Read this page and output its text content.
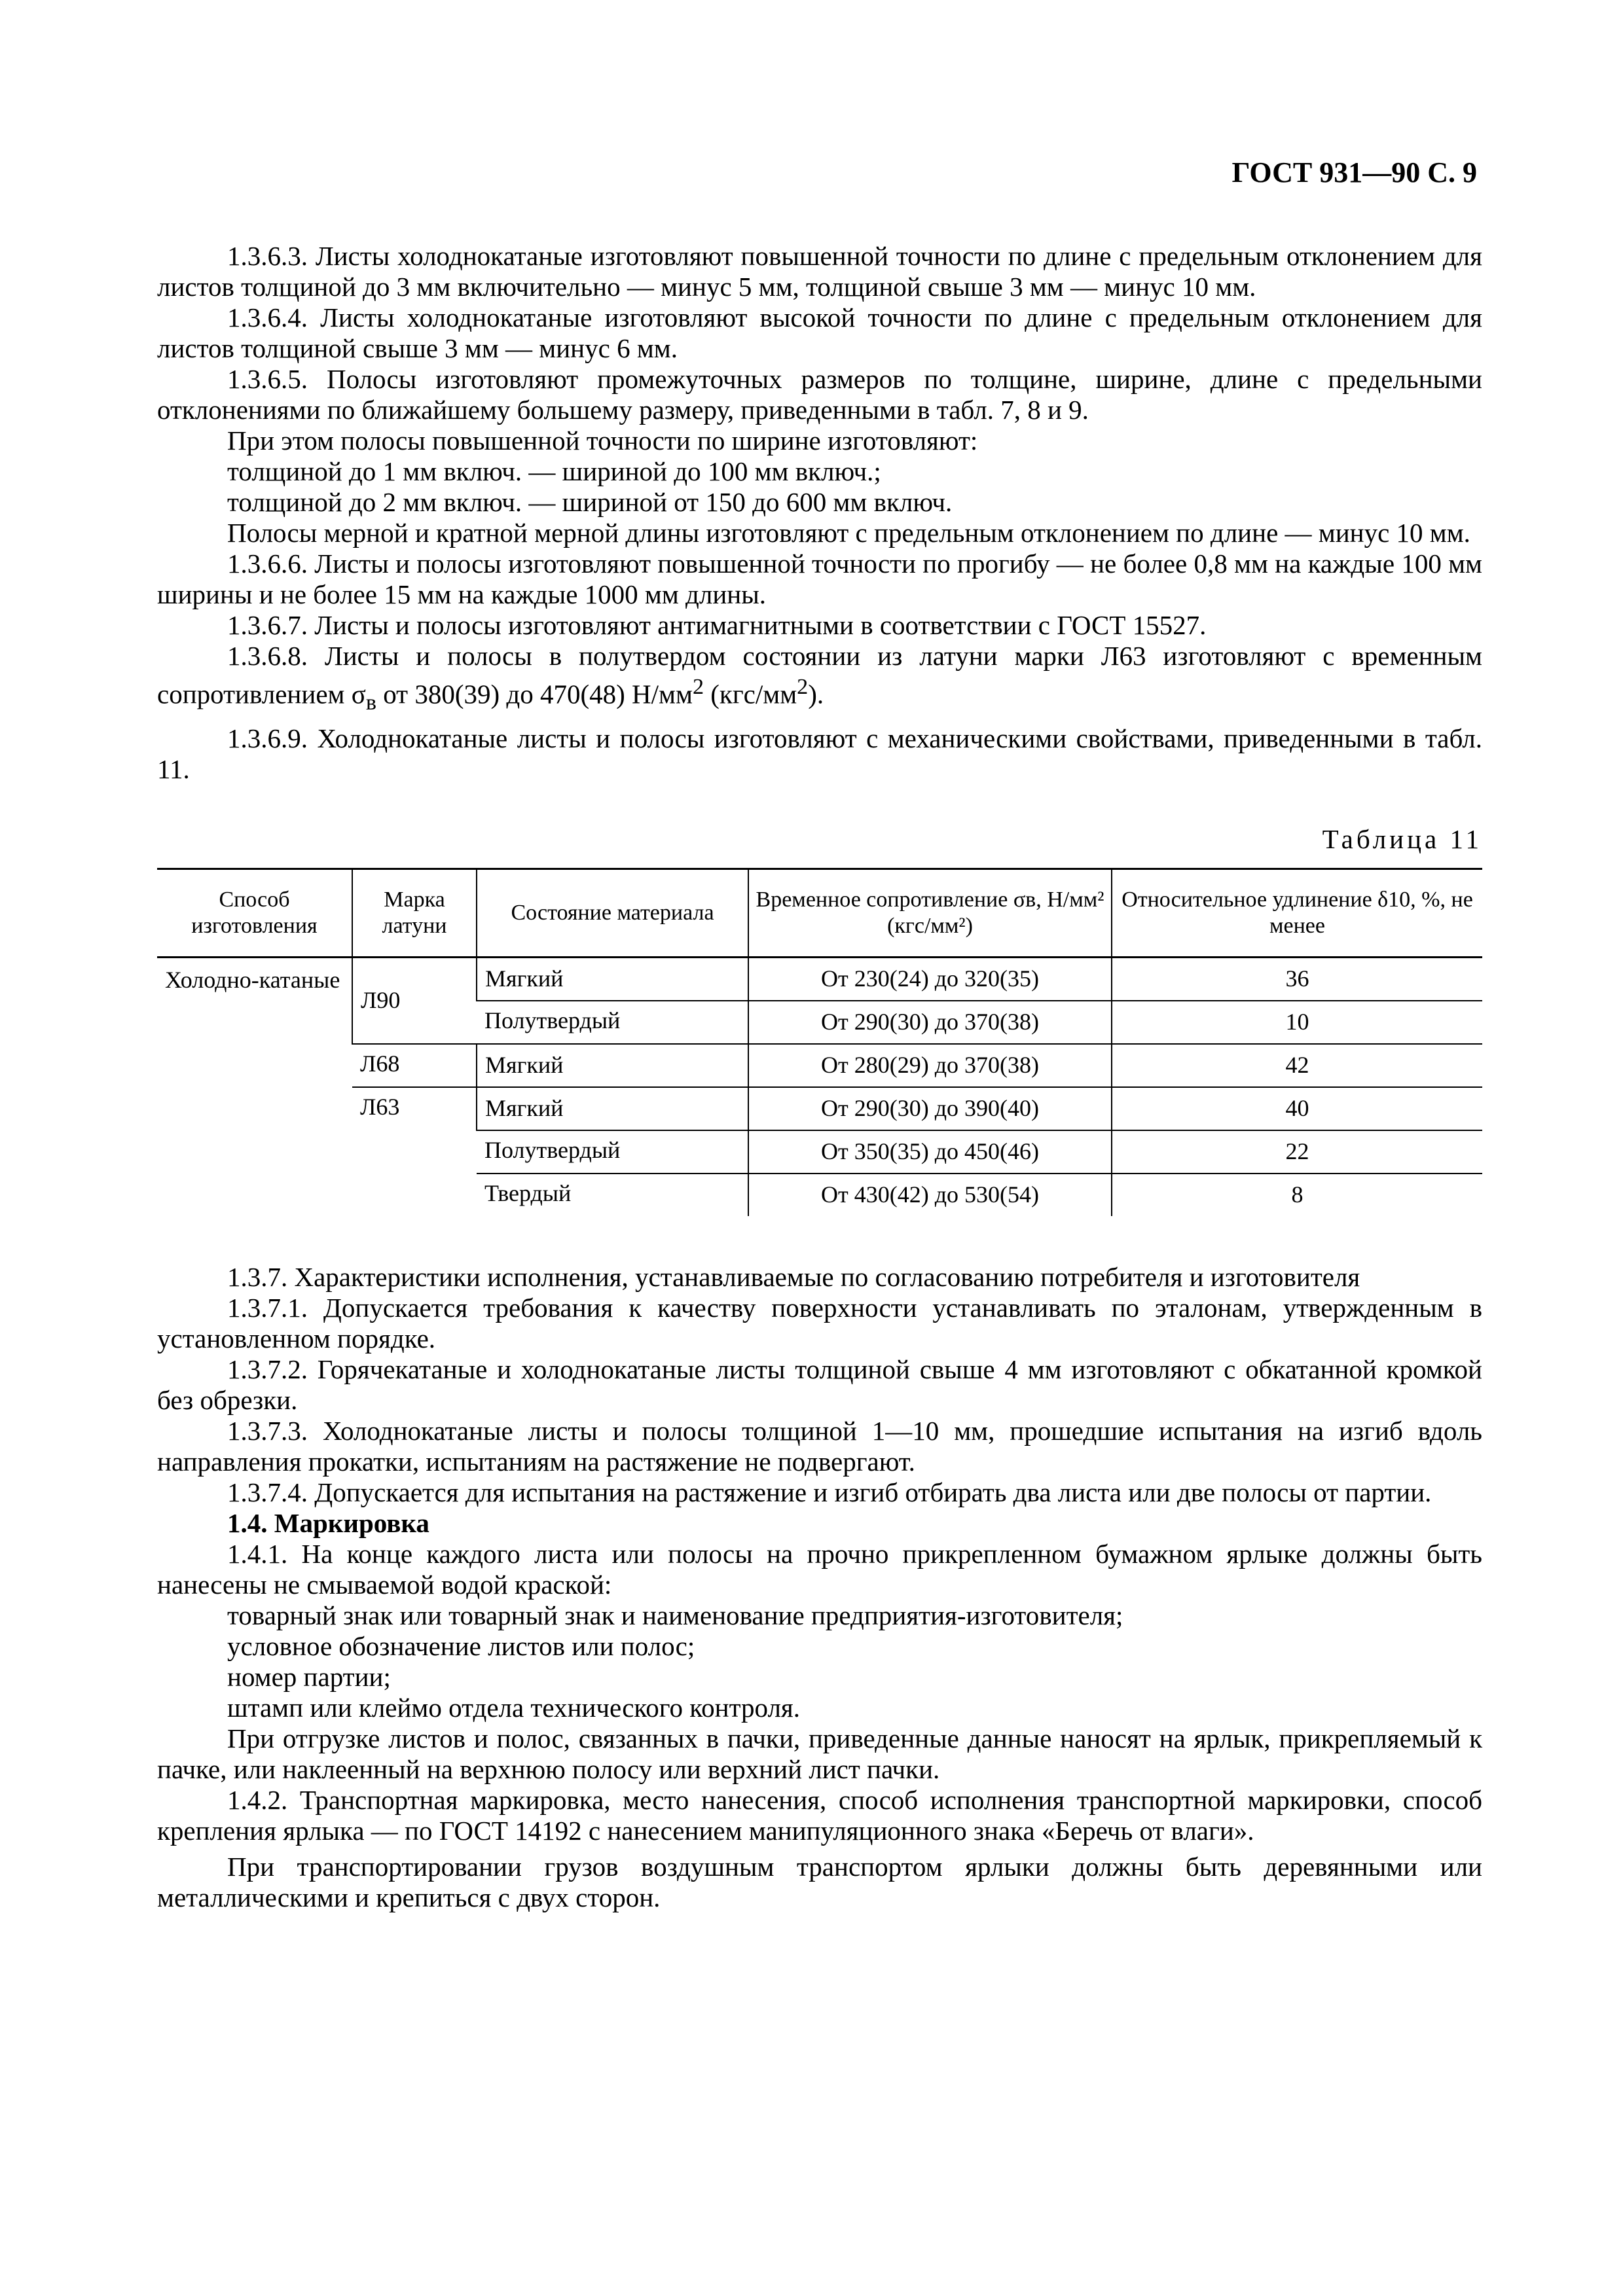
ГОСТ 931—90 С. 9

1.3.6.3. Листы холоднокатаные изготовляют повышенной точности по длине с предельным отклонением для листов толщиной до 3 мм включительно — минус 5 мм, толщиной свыше 3 мм — минус 10 мм.

1.3.6.4. Листы холоднокатаные изготовляют высокой точности по длине с предельным отклонением для листов толщиной свыше 3 мм — минус 6 мм.

1.3.6.5. Полосы изготовляют промежуточных размеров по толщине, ширине, длине с предельными отклонениями по ближайшему большему размеру, приведенными в табл. 7, 8 и 9.

При этом полосы повышенной точности по ширине изготовляют:

толщиной до 1 мм включ. — шириной до 100 мм включ.;

толщиной до 2 мм включ. — шириной от 150 до 600 мм включ.

Полосы мерной и кратной мерной длины изготовляют с предельным отклонением по длине — минус 10 мм.

1.3.6.6. Листы и полосы изготовляют повышенной точности по прогибу — не более 0,8 мм на каждые 100 мм ширины и не более 15 мм на каждые 1000 мм длины.

1.3.6.7. Листы и полосы изготовляют антимагнитными в соответствии с ГОСТ 15527.

1.3.6.8. Листы и полосы в полутвердом состоянии из латуни марки Л63 изготовляют с временным сопротивлением $\sigma_в$ от 380(39) до 470(48) $Н/мм^2$ $(кгс/мм^2)$.

1.3.6.9. Холоднокатаные листы и полосы изготовляют с механическими свойствами, приведенными в табл. 11.

Таблица 11
Способ изготовления	Марка латуни	Состояние материала	Временное сопротивление σв, Н/мм² (кгс/мм²)	Относительное удлинение δ10, %, не менее
Холодно-катаные	Л90	Мягкий	От 230(24) до 320(35)	36
		Полутвердый	От 290(30) до 370(38)	10
	Л68	Мягкий	От 280(29) до 370(38)	42
	Л63	Мягкий	От 290(30) до 390(40)	40
		Полутвердый	От 350(35) до 450(46)	22
		Твердый	От 430(42) до 530(54)	8

1.3.7. Характеристики исполнения, устанавливаемые по согласованию потребителя и изготовителя

1.3.7.1. Допускается требования к качеству поверхности устанавливать по эталонам, утвержденным в установленном порядке.

1.3.7.2. Горячекатаные и холоднокатаные листы толщиной свыше 4 мм изготовляют с обкатанной кромкой без обрезки.

1.3.7.3. Холоднокатаные листы и полосы толщиной 1—10 мм, прошедшие испытания на изгиб вдоль направления прокатки, испытаниям на растяжение не подвергают.

1.3.7.4. Допускается для испытания на растяжение и изгиб отбирать два листа или две полосы от партии.

1.4. Маркировка

1.4.1. На конце каждого листа или полосы на прочно прикрепленном бумажном ярлыке должны быть нанесены не смываемой водой краской:

товарный знак или товарный знак и наименование предприятия-изготовителя;

условное обозначение листов или полос;

номер партии;

штамп или клеймо отдела технического контроля.

При отгрузке листов и полос, связанных в пачки, приведенные данные наносят на ярлык, прикрепляемый к пачке, или наклеенный на верхнюю полосу или верхний лист пачки.

1.4.2. Транспортная маркировка, место нанесения, способ исполнения транспортной маркировки, способ крепления ярлыка — по ГОСТ 14192 с нанесением манипуляционного знака «Беречь от влаги».

При транспортировании грузов воздушным транспортом ярлыки должны быть деревянными или металлическими и крепиться с двух сторон.
